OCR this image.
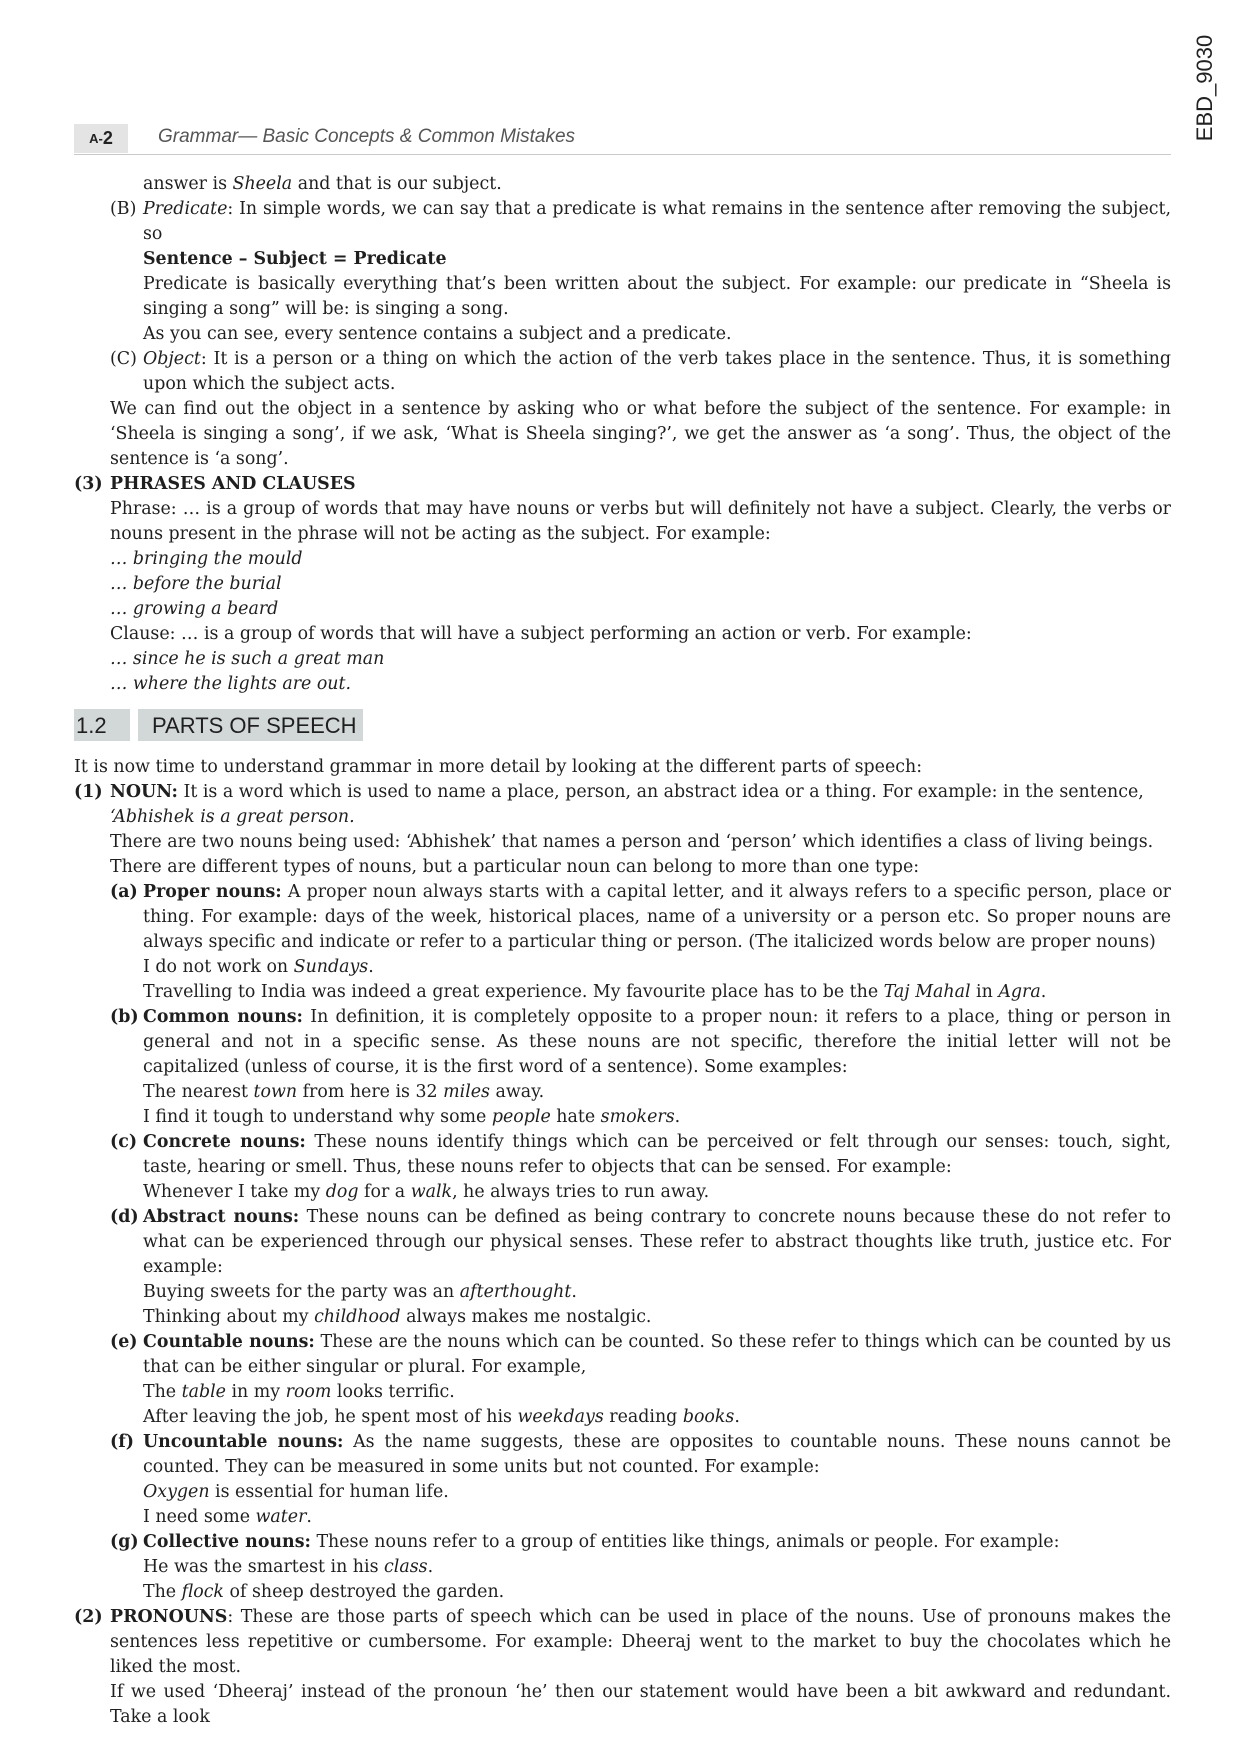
EBD_9030
A- 2 Grammar— Basic Concepts & Common Mistakes

answer is Sheela and that is our subject.

(B) Predicate: In simple words, we can say that a predicate is what remains in the sentence after removing the subject, so

Sentence – Subject = Predicate

Predicate is basically everything that’s been written about the subject. For example: our predicate in “Sheela is singing a song” will be: is singing a song.

As you can see, every sentence contains a subject and a predicate.

(C) Object: It is a person or a thing on which the action of the verb takes place in the sentence. Thus, it is something upon which the subject acts.

We can find out the object in a sentence by asking who or what before the subject of the sentence. For example: in ‘Sheela is singing a song’, if we ask, ‘What is Sheela singing?’, we get the answer as ‘a song’. Thus, the object of the sentence is ‘a song’.

(3) PHRASES AND CLAUSES

Phrase: … is a group of words that may have nouns or verbs but will definitely not have a subject. Clearly, the verbs or nouns present in the phrase will not be acting as the subject. For example:

… bringing the mould

… before the burial

… growing a beard

Clause: … is a group of words that will have a subject performing an action or verb. For example:

… since he is such a great man

… where the lights are out.

1.2	PARTS OF SPEECH

It is now time to understand grammar in more detail by looking at the different parts of speech:

(1) NOUN: It is a word which is used to name a place, person, an abstract idea or a thing. For example: in the sentence,

‘Abhishek is a great person.

There are two nouns being used: ‘Abhishek’ that names a person and ‘person’ which identifies a class of living beings.

There are different types of nouns, but a particular noun can belong to more than one type:

(a) Proper nouns: A proper noun always starts with a capital letter, and it always refers to a specific person, place or thing. For example: days of the week, historical places, name of a university or a person etc. So proper nouns are always specific and indicate or refer to a particular thing or person. (The italicized words below are proper nouns)

I do not work on Sundays.

Travelling to India was indeed a great experience. My favourite place has to be the Taj Mahal in Agra.

(b) Common nouns: In definition, it is completely opposite to a proper noun: it refers to a place, thing or person in general and not in a specific sense. As these nouns are not specific, therefore the initial letter will not be capitalized (unless of course, it is the first word of a sentence). Some examples:

The nearest town from here is 32 miles away.

I find it tough to understand why some people hate smokers.

(c) Concrete nouns: These nouns identify things which can be perceived or felt through our senses: touch, sight, taste, hearing or smell. Thus, these nouns refer to objects that can be sensed. For example:

Whenever I take my dog for a walk, he always tries to run away.

(d) Abstract nouns: These nouns can be defined as being contrary to concrete nouns because these do not refer to what can be experienced through our physical senses. These refer to abstract thoughts like truth, justice etc. For example:

Buying sweets for the party was an afterthought.

Thinking about my childhood always makes me nostalgic.

(e) Countable nouns: These are the nouns which can be counted. So these refer to things which can be counted by us that can be either singular or plural. For example,

The table in my room looks terrific.

After leaving the job, he spent most of his weekdays reading books.

(f) Uncountable nouns: As the name suggests, these are opposites to countable nouns. These nouns cannot be counted. They can be measured in some units but not counted. For example:

Oxygen is essential for human life.

I need some water.

(g) Collective nouns: These nouns refer to a group of entities like things, animals or people. For example:

He was the smartest in his class.

The flock of sheep destroyed the garden.

(2) PRONOUNS: These are those parts of speech which can be used in place of the nouns. Use of pronouns makes the sentences less repetitive or cumbersome. For example: Dheeraj went to the market to buy the chocolates which he liked the most.

If we used ‘Dheeraj’ instead of the pronoun ‘he’ then our statement would have been a bit awkward and redundant. Take a look
